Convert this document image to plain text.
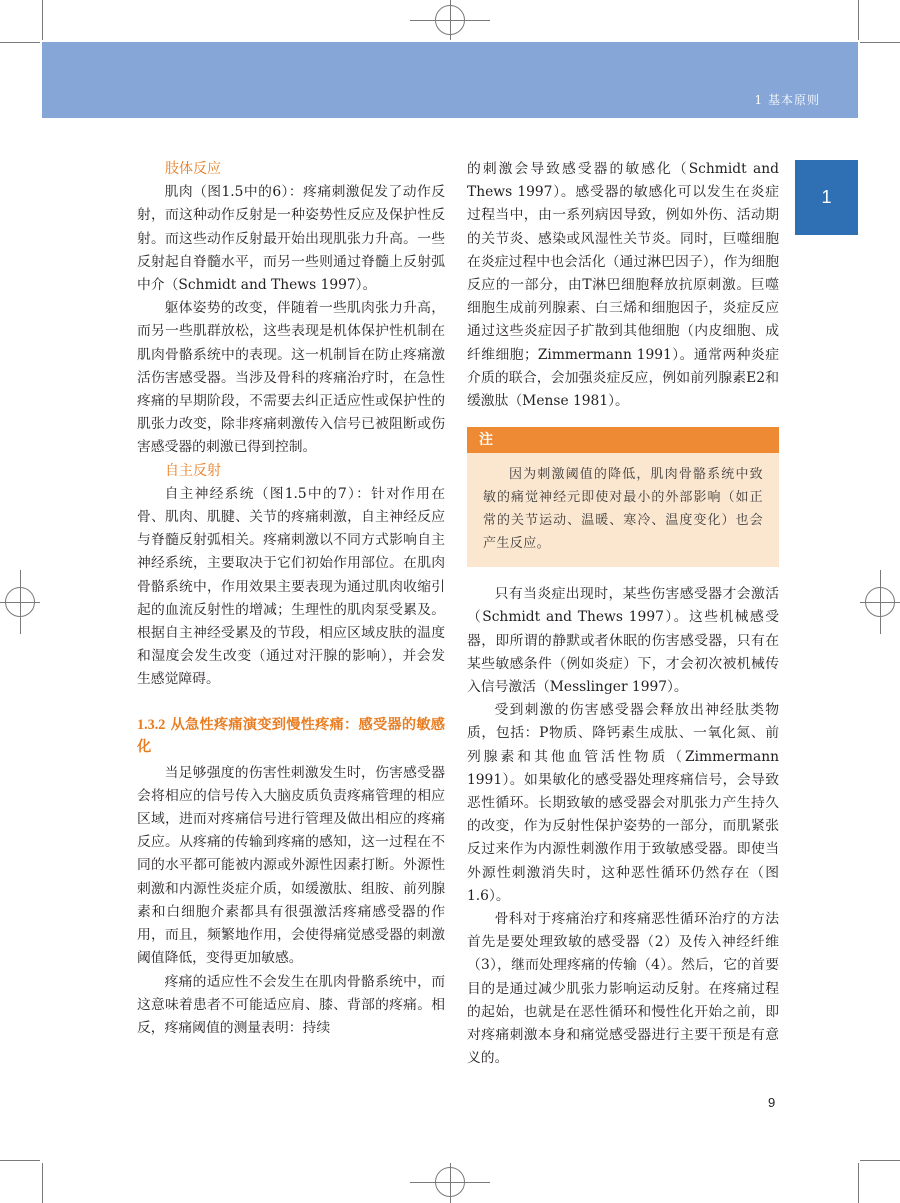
1 基本原则
1
肢体反应

肌肉（图1.5中的6）：疼痛刺激促发了动作反射，而这种动作反射是一种姿势性反应及保护性反射。而这些动作反射最开始出现肌张力升高。一些反射起自脊髓水平，而另一些则通过脊髓上反射弧中介（Schmidt and Thews 1997）。

躯体姿势的改变，伴随着一些肌肉张力升高，而另一些肌群放松，这些表现是机体保护性机制在肌肉骨骼系统中的表现。这一机制旨在防止疼痛激活伤害感受器。当涉及骨科的疼痛治疗时，在急性疼痛的早期阶段，不需要去纠正适应性或保护性的肌张力改变，除非疼痛刺激传入信号已被阻断或伤害感受器的刺激已得到控制。

自主反射

自主神经系统（图1.5中的7）：针对作用在骨、肌肉、肌腱、关节的疼痛刺激，自主神经反应与脊髓反射弧相关。疼痛刺激以不同方式影响自主神经系统，主要取决于它们初始作用部位。在肌肉骨骼系统中，作用效果主要表现为通过肌肉收缩引起的血流反射性的增减；生理性的肌肉泵受累及。根据自主神经受累及的节段，相应区域皮肤的温度和湿度会发生改变（通过对汗腺的影响），并会发生感觉障碍。

1.3.2 从急性疼痛演变到慢性疼痛：感受器的敏感化

当足够强度的伤害性刺激发生时，伤害感受器会将相应的信号传入大脑皮质负责疼痛管理的相应区域，进而对疼痛信号进行管理及做出相应的疼痛反应。从疼痛的传输到疼痛的感知，这一过程在不同的水平都可能被内源或外源性因素打断。外源性刺激和内源性炎症介质，如缓激肽、组胺、前列腺素和白细胞介素都具有很强激活疼痛感受器的作用，而且，频繁地作用，会使得痛觉感受器的刺激阈值降低，变得更加敏感。

疼痛的适应性不会发生在肌肉骨骼系统中，而这意味着患者不可能适应肩、膝、背部的疼痛。相反，疼痛阈值的测量表明：持续

的刺激会导致感受器的敏感化（Schmidt and Thews 1997）。感受器的敏感化可以发生在炎症过程当中，由一系列病因导致，例如外伤、活动期的关节炎、感染或风湿性关节炎。同时，巨噬细胞在炎症过程中也会活化（通过淋巴因子），作为细胞反应的一部分，由T淋巴细胞释放抗原刺激。巨噬细胞生成前列腺素、白三烯和细胞因子，炎症反应通过这些炎症因子扩散到其他细胞（内皮细胞、成纤维细胞；Zimmermann 1991）。通常两种炎症介质的联合，会加强炎症反应，例如前列腺素E2和缓激肽（Mense 1981）。

注

因为刺激阈值的降低，肌肉骨骼系统中致敏的痛觉神经元即使对最小的外部影响（如正常的关节运动、温暖、寒冷、温度变化）也会产生反应。

只有当炎症出现时，某些伤害感受器才会激活（Schmidt and Thews 1997）。这些机械感受器，即所谓的静默或者休眠的伤害感受器，只有在某些敏感条件（例如炎症）下，才会初次被机械传入信号激活（Messlinger 1997）。

受到刺激的伤害感受器会释放出神经肽类物质，包括：P物质、降钙素生成肽、一氧化氮、前列腺素和其他血管活性物质（Zimmermann 1991）。如果敏化的感受器处理疼痛信号，会导致恶性循环。长期致敏的感受器会对肌张力产生持久的改变，作为反射性保护姿势的一部分，而肌紧张反过来作为内源性刺激作用于致敏感受器。即使当外源性刺激消失时，这种恶性循环仍然存在（图1.6）。

骨科对于疼痛治疗和疼痛恶性循环治疗的方法首先是要处理致敏的感受器（2）及传入神经纤维（3），继而处理疼痛的传输（4）。然后，它的首要目的是通过减少肌张力影响运动反射。在疼痛过程的起始，也就是在恶性循环和慢性化开始之前，即对疼痛刺激本身和痛觉感受器进行主要干预是有意义的。

9
